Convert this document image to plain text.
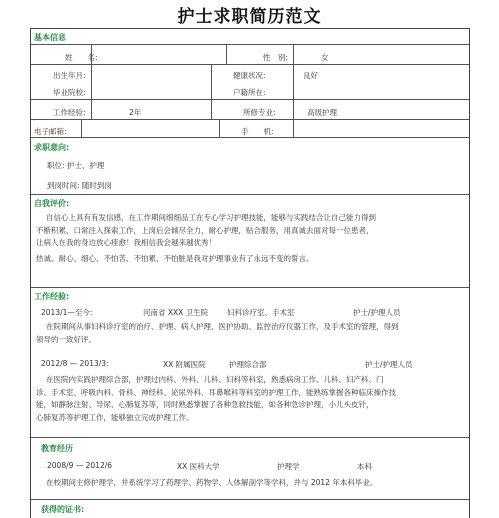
护士求职简历范文
基本信息
姓　　名:	性　别:	女
出生年月:	健康状况:	良好
毕业院校:	户籍所在:
工作经验:	2年	所修专业:	高级护理
电子邮箱:	手　　机:
求职意向:
职位: 护士、护理
到岗时间: 随时到岗
自我评价:
自信心上具有有发信感，在工作期间细细品工在专心学习护理技能，能够与实践结合让自己能力得到
不断积累，口常注入探索工作，上岗后会倾尽全力，耐心护理，贴合服务，用真诚去面对每一位患者，
让病人在我的身边放心痊愈！我相信我会越来越优秀！
热诚、耐心、细心、不怕苦、不怕累、不怕脏是我对护理事业有了永远不变的誓言。
工作经验:
2013/1—至今:	河南省 XXX 卫生院	妇科诊疗室、手术室	护士/护理人员
在院期间从事妇科诊疗室的治疗、护理、病人护理、医护协助、监控治疗仪器工作，及手术室的管理，得到
领导的一致好评。
2012/8 — 2013/3:	XX 附属医院	护理综合部	护士/护理人员
在医院内实践护理综合部，护理过内科、外科、儿科、妇科等科室，熟悉病房工作、儿科、妇产科、门
诊、手术室、呼吸内科、骨科、神经科、泌尿外科、耳鼻喉科等科室的护理工作，能熟练掌握各种临床操作技
能，如静脉注射、导尿、心肺复苏等，同时熟悉掌握了各种急救技能，如各种急诊护理，小儿头皮针，
心肺复苏等护理工作，能够独立完成护理工作。
教育经历
2008/9 — 2012/6	XX 医科大学	护理学	本科
在校期间主修护理学，并系统学习了药理学、药物学、人体解剖学等学科，并与 2012 年本科毕业。
获得的证书:
